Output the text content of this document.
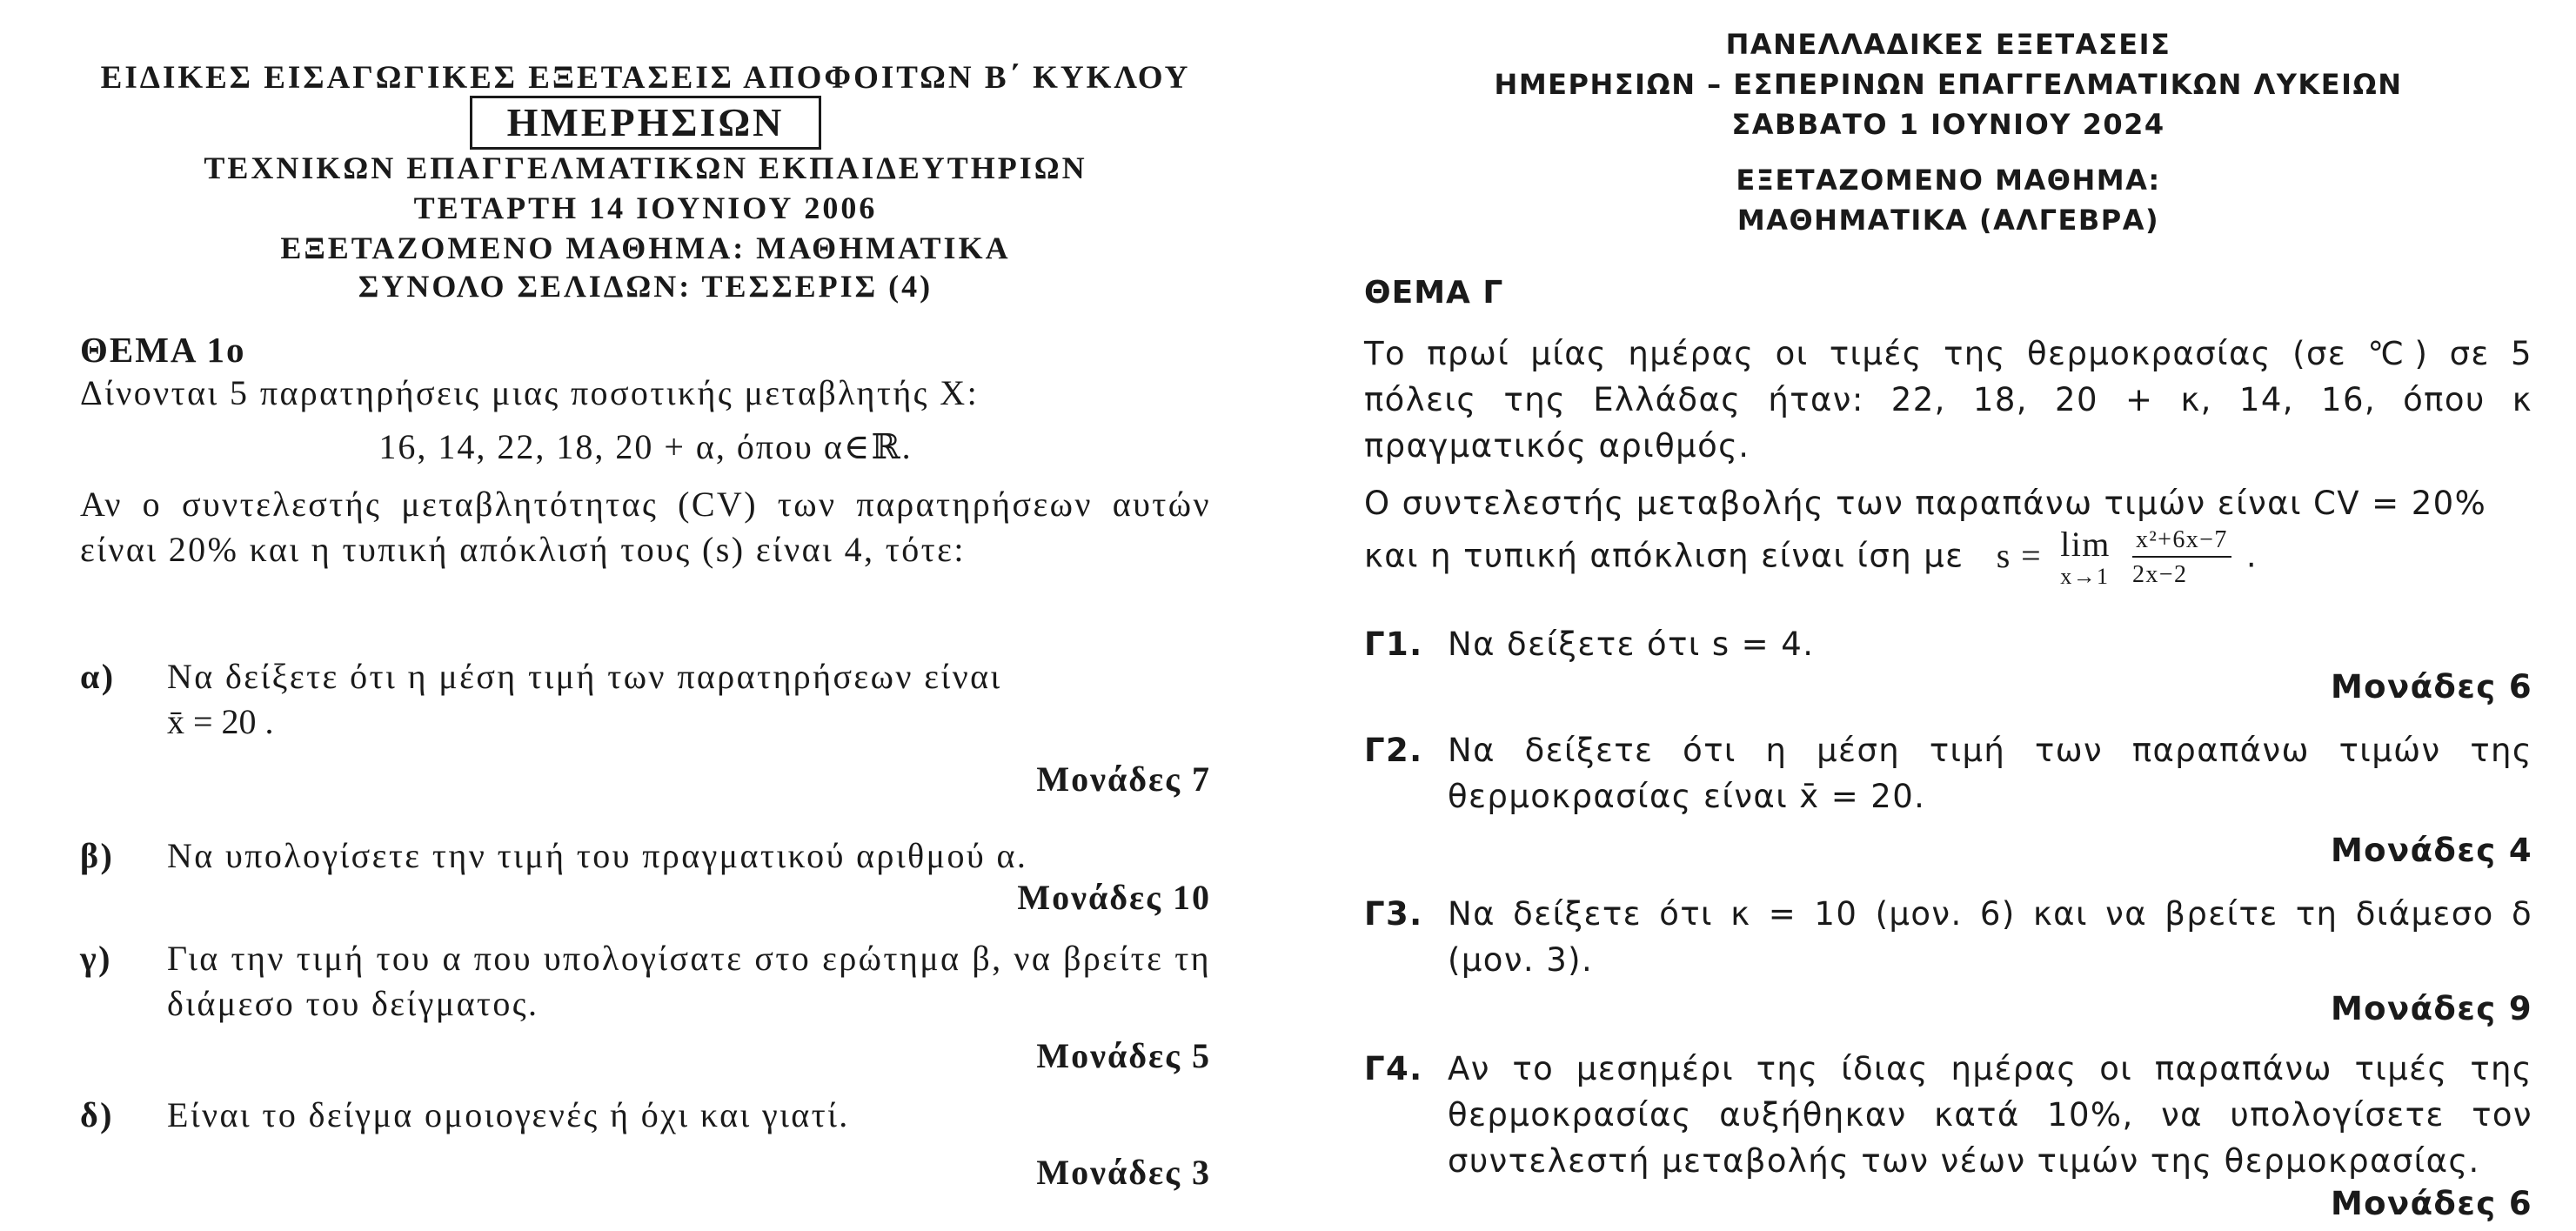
ΕΙΔΙΚΕΣ ΕΙΣΑΓΩΓΙΚΕΣ ΕΞΕΤΑΣΕΙΣ ΑΠΟΦΟΙΤΩΝ Β΄ ΚΥΚΛΟΥ
ΗΜΕΡΗΣΙΩΝ
ΤΕΧΝΙΚΩΝ ΕΠΑΓΓΕΛΜΑΤΙΚΩΝ ΕΚΠΑΙΔΕΥΤΗΡΙΩΝ
ΤΕΤΑΡΤΗ 14 ΙΟΥΝΙΟΥ 2006
ΕΞΕΤΑΖΟΜΕΝΟ ΜΑΘΗΜΑ: ΜΑΘΗΜΑΤΙΚΑ
ΣΥΝΟΛΟ ΣΕΛΙΔΩΝ: ΤΕΣΣΕΡΙΣ (4)
ΘΕΜΑ 1ο
Δίνονται 5 παρατηρήσεις μιας ποσοτικής μεταβλητής Χ:
16, 14, 22, 18, 20 + α, όπου α∈ℝ.
Αν ο συντελεστής μεταβλητότητας (CV) των παρατηρήσεων αυτών είναι 20% και η τυπική απόκλισή τους (s) είναι 4, τότε:
α) Να δείξετε ότι η μέση τιμή των παρατηρήσεων είναι
x̄ = 20 .
Μονάδες 7
β) Να υπολογίσετε την τιμή του πραγματικού αριθμού α.
Μονάδες 10
γ) Για την τιμή του α που υπολογίσατε στο ερώτημα β, να βρείτε τη διάμεσο του δείγματος.
Μονάδες 5
δ) Είναι το δείγμα ομοιογενές ή όχι και γιατί.
Μονάδες 3
ΠΑΝΕΛΛΑΔΙΚΕΣ ΕΞΕΤΑΣΕΙΣ
ΗΜΕΡΗΣΙΩΝ – ΕΣΠΕΡΙΝΩΝ ΕΠΑΓΓΕΛΜΑΤΙΚΩΝ ΛΥΚΕΙΩΝ
ΣΑΒΒΑΤΟ 1 ΙΟΥΝΙΟΥ 2024
ΕΞΕΤΑΖΟΜΕΝΟ ΜΑΘΗΜΑ:
ΜΑΘΗΜΑΤΙΚΑ (ΑΛΓΕΒΡΑ)
ΘΕΜΑ Γ
Το πρωί μίας ημέρας οι τιμές της θερμοκρασίας (σε ℃) σε 5 πόλεις της Ελλάδας ήταν: 22, 18, 20 + κ, 14, 16, όπου κ πραγματικός αριθμός.
Ο συντελεστής μεταβολής των παραπάνω τιμών είναι CV = 20%
και η τυπική απόκλιση είναι ίση με s = lim
x→1
$\frac{\text{x²+6x−7}}{2x-2}$ .
Γ1. Να δείξετε ότι s = 4.
Μονάδες 6
Γ2. Να δείξετε ότι η μέση τιμή των παραπάνω τιμών της θερμοκρασίας είναι x̄ = 20.
Μονάδες 4
Γ3. Να δείξετε ότι κ = 10 (μον. 6) και να βρείτε τη διάμεσο δ (μον. 3).
Μονάδες 9
Γ4. Αν το μεσημέρι της ίδιας ημέρας οι παραπάνω τιμές της θερμοκρασίας αυξήθηκαν κατά 10%, να υπολογίσετε τον συντελεστή μεταβολής των νέων τιμών της θερμοκρασίας.
Μονάδες 6
